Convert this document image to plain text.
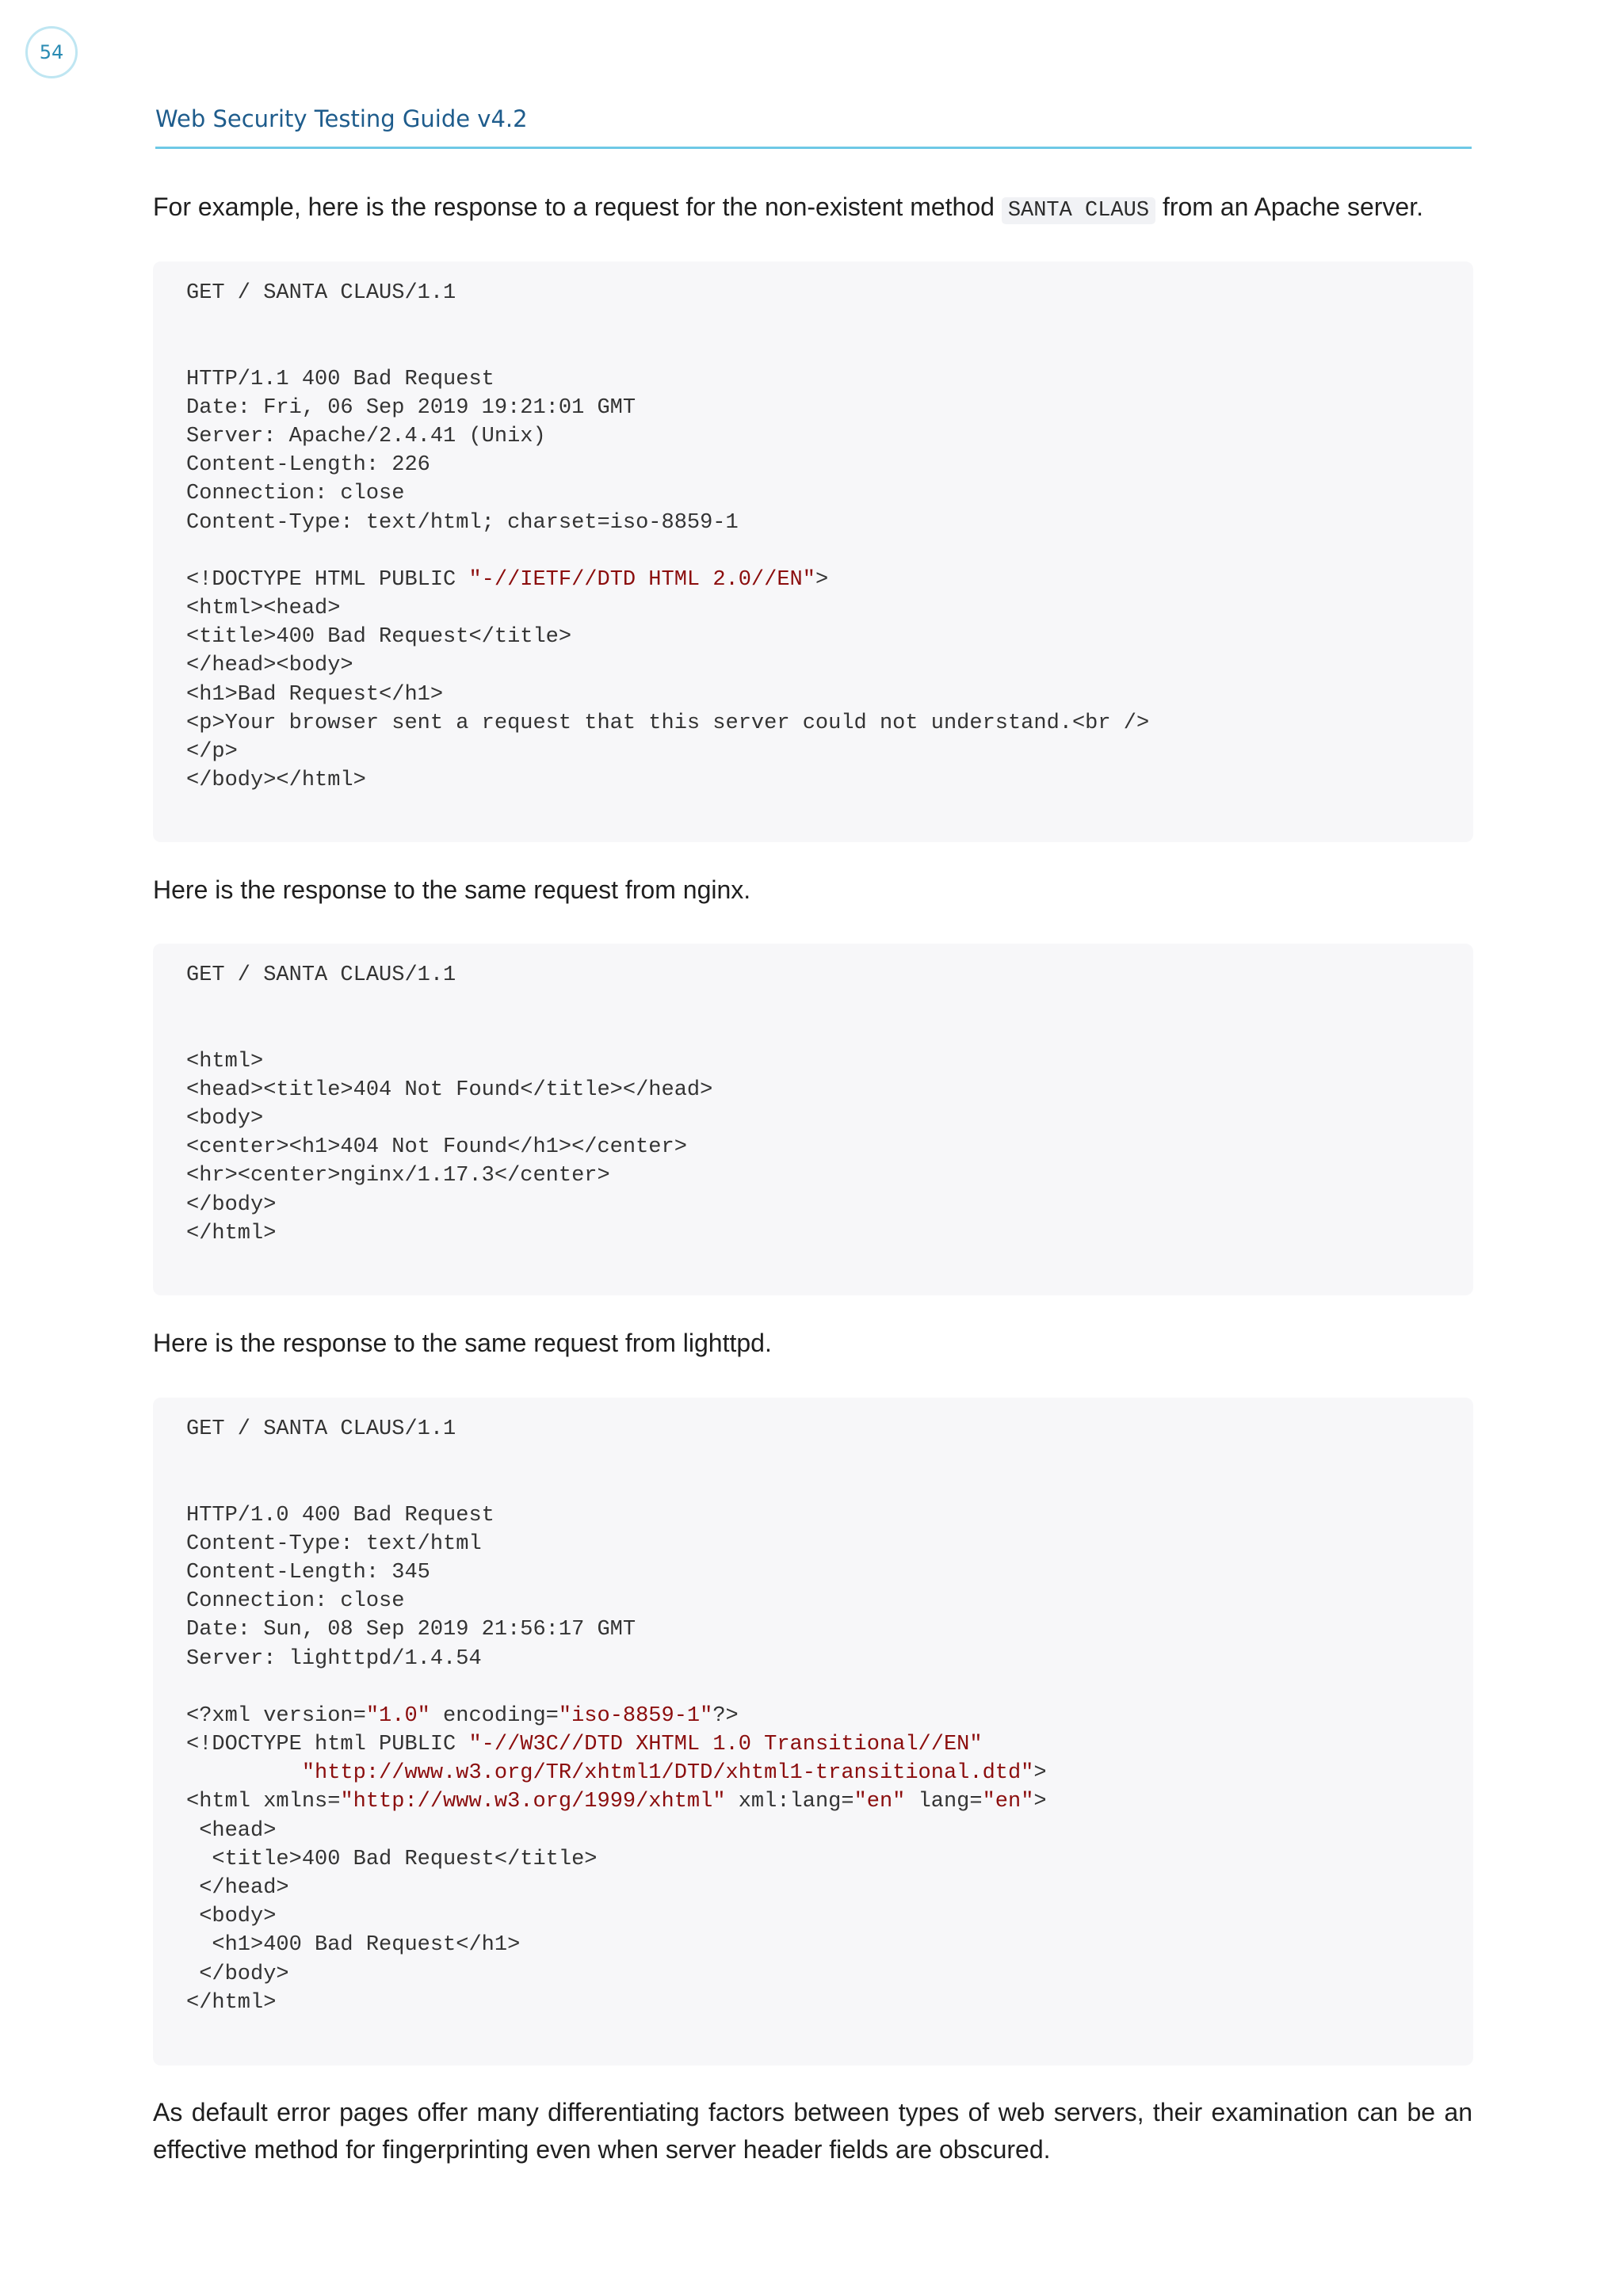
54
Web Security Testing Guide v4.2

For example, here is the response to a request for the non-existent method SANTA CLAUS from an Apache server.

GET / SANTA CLAUS/1.1
HTTP/1.1 400 Bad Request
Date: Fri, 06 Sep 2019 19:21:01 GMT
Server: Apache/2.4.41 (Unix)
Content-Length: 226
Connection: close
Content-Type: text/html; charset=iso-8859-1
<!DOCTYPE HTML PUBLIC "-//IETF//DTD HTML 2.0//EN">
<html><head>
<title>400 Bad Request</title>
</head><body>
<h1>Bad Request</h1>
<p>Your browser sent a request that this server could not understand.<br />
</p>
</body></html>

Here is the response to the same request from nginx.

GET / SANTA CLAUS/1.1
<html>
<head><title>404 Not Found</title></head>
<body>
<center><h1>404 Not Found</h1></center>
<hr><center>nginx/1.17.3</center>
</body>
</html>

Here is the response to the same request from lighttpd.

GET / SANTA CLAUS/1.1
HTTP/1.0 400 Bad Request
Content-Type: text/html
Content-Length: 345
Connection: close
Date: Sun, 08 Sep 2019 21:56:17 GMT
Server: lighttpd/1.4.54
<?xml version="1.0" encoding="iso-8859-1"?>
<!DOCTYPE html PUBLIC "-//W3C//DTD XHTML 1.0 Transitional//EN"
"http://www.w3.org/TR/xhtml1/DTD/xhtml1-transitional.dtd">
<html xmlns="http://www.w3.org/1999/xhtml" xml:lang="en" lang="en">
<head>
<title>400 Bad Request</title>
</head>
<body>
<h1>400 Bad Request</h1>
</body>
</html>

As default error pages offer many differentiating factors between types of web servers, their examination can be an effective method for fingerprinting even when server header fields are obscured.
